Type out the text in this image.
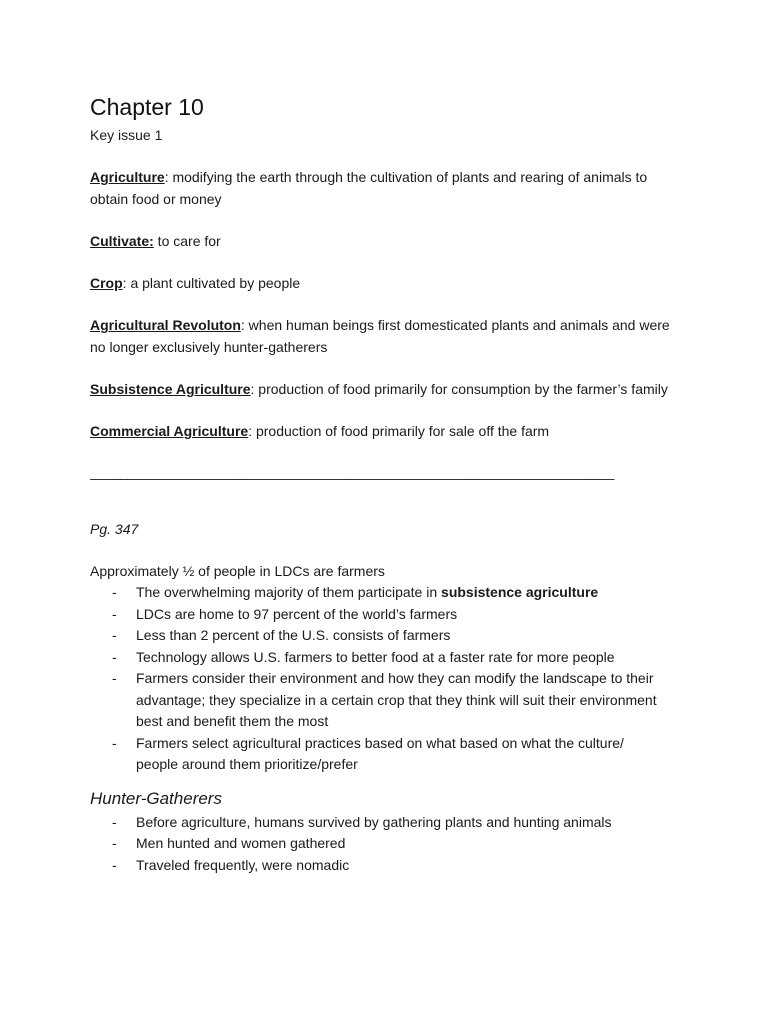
Chapter 10

Key issue 1

Agriculture: modifying the earth through the cultivation of plants and rearing of animals to obtain food or money

Cultivate: to care for

Crop: a plant cultivated by people

Agricultural Revoluton: when human beings first domesticated plants and animals and were no longer exclusively hunter-gatherers

Subsistence Agriculture: production of food primarily for consumption by the farmer’s family

Commercial Agriculture: production of food primarily for sale off the farm

______________________________________________________________________

Pg. 347

Approximately ½ of people in LDCs are farmers

- The overwhelming majority of them participate in subsistence agriculture
- LDCs are home to 97 percent of the world’s farmers
- Less than 2 percent of the U.S. consists of farmers
- Technology allows U.S. farmers to better food at a faster rate for more people
- Farmers consider their environment and how they can modify the landscape to their advantage; they specialize in a certain crop that they think will suit their environment best and benefit them the most
- Farmers select agricultural practices based on what based on what the culture/ people around them prioritize/prefer

Hunter-Gatherers

- Before agriculture, humans survived by gathering plants and hunting animals
- Men hunted and women gathered
- Traveled frequently, were nomadic
